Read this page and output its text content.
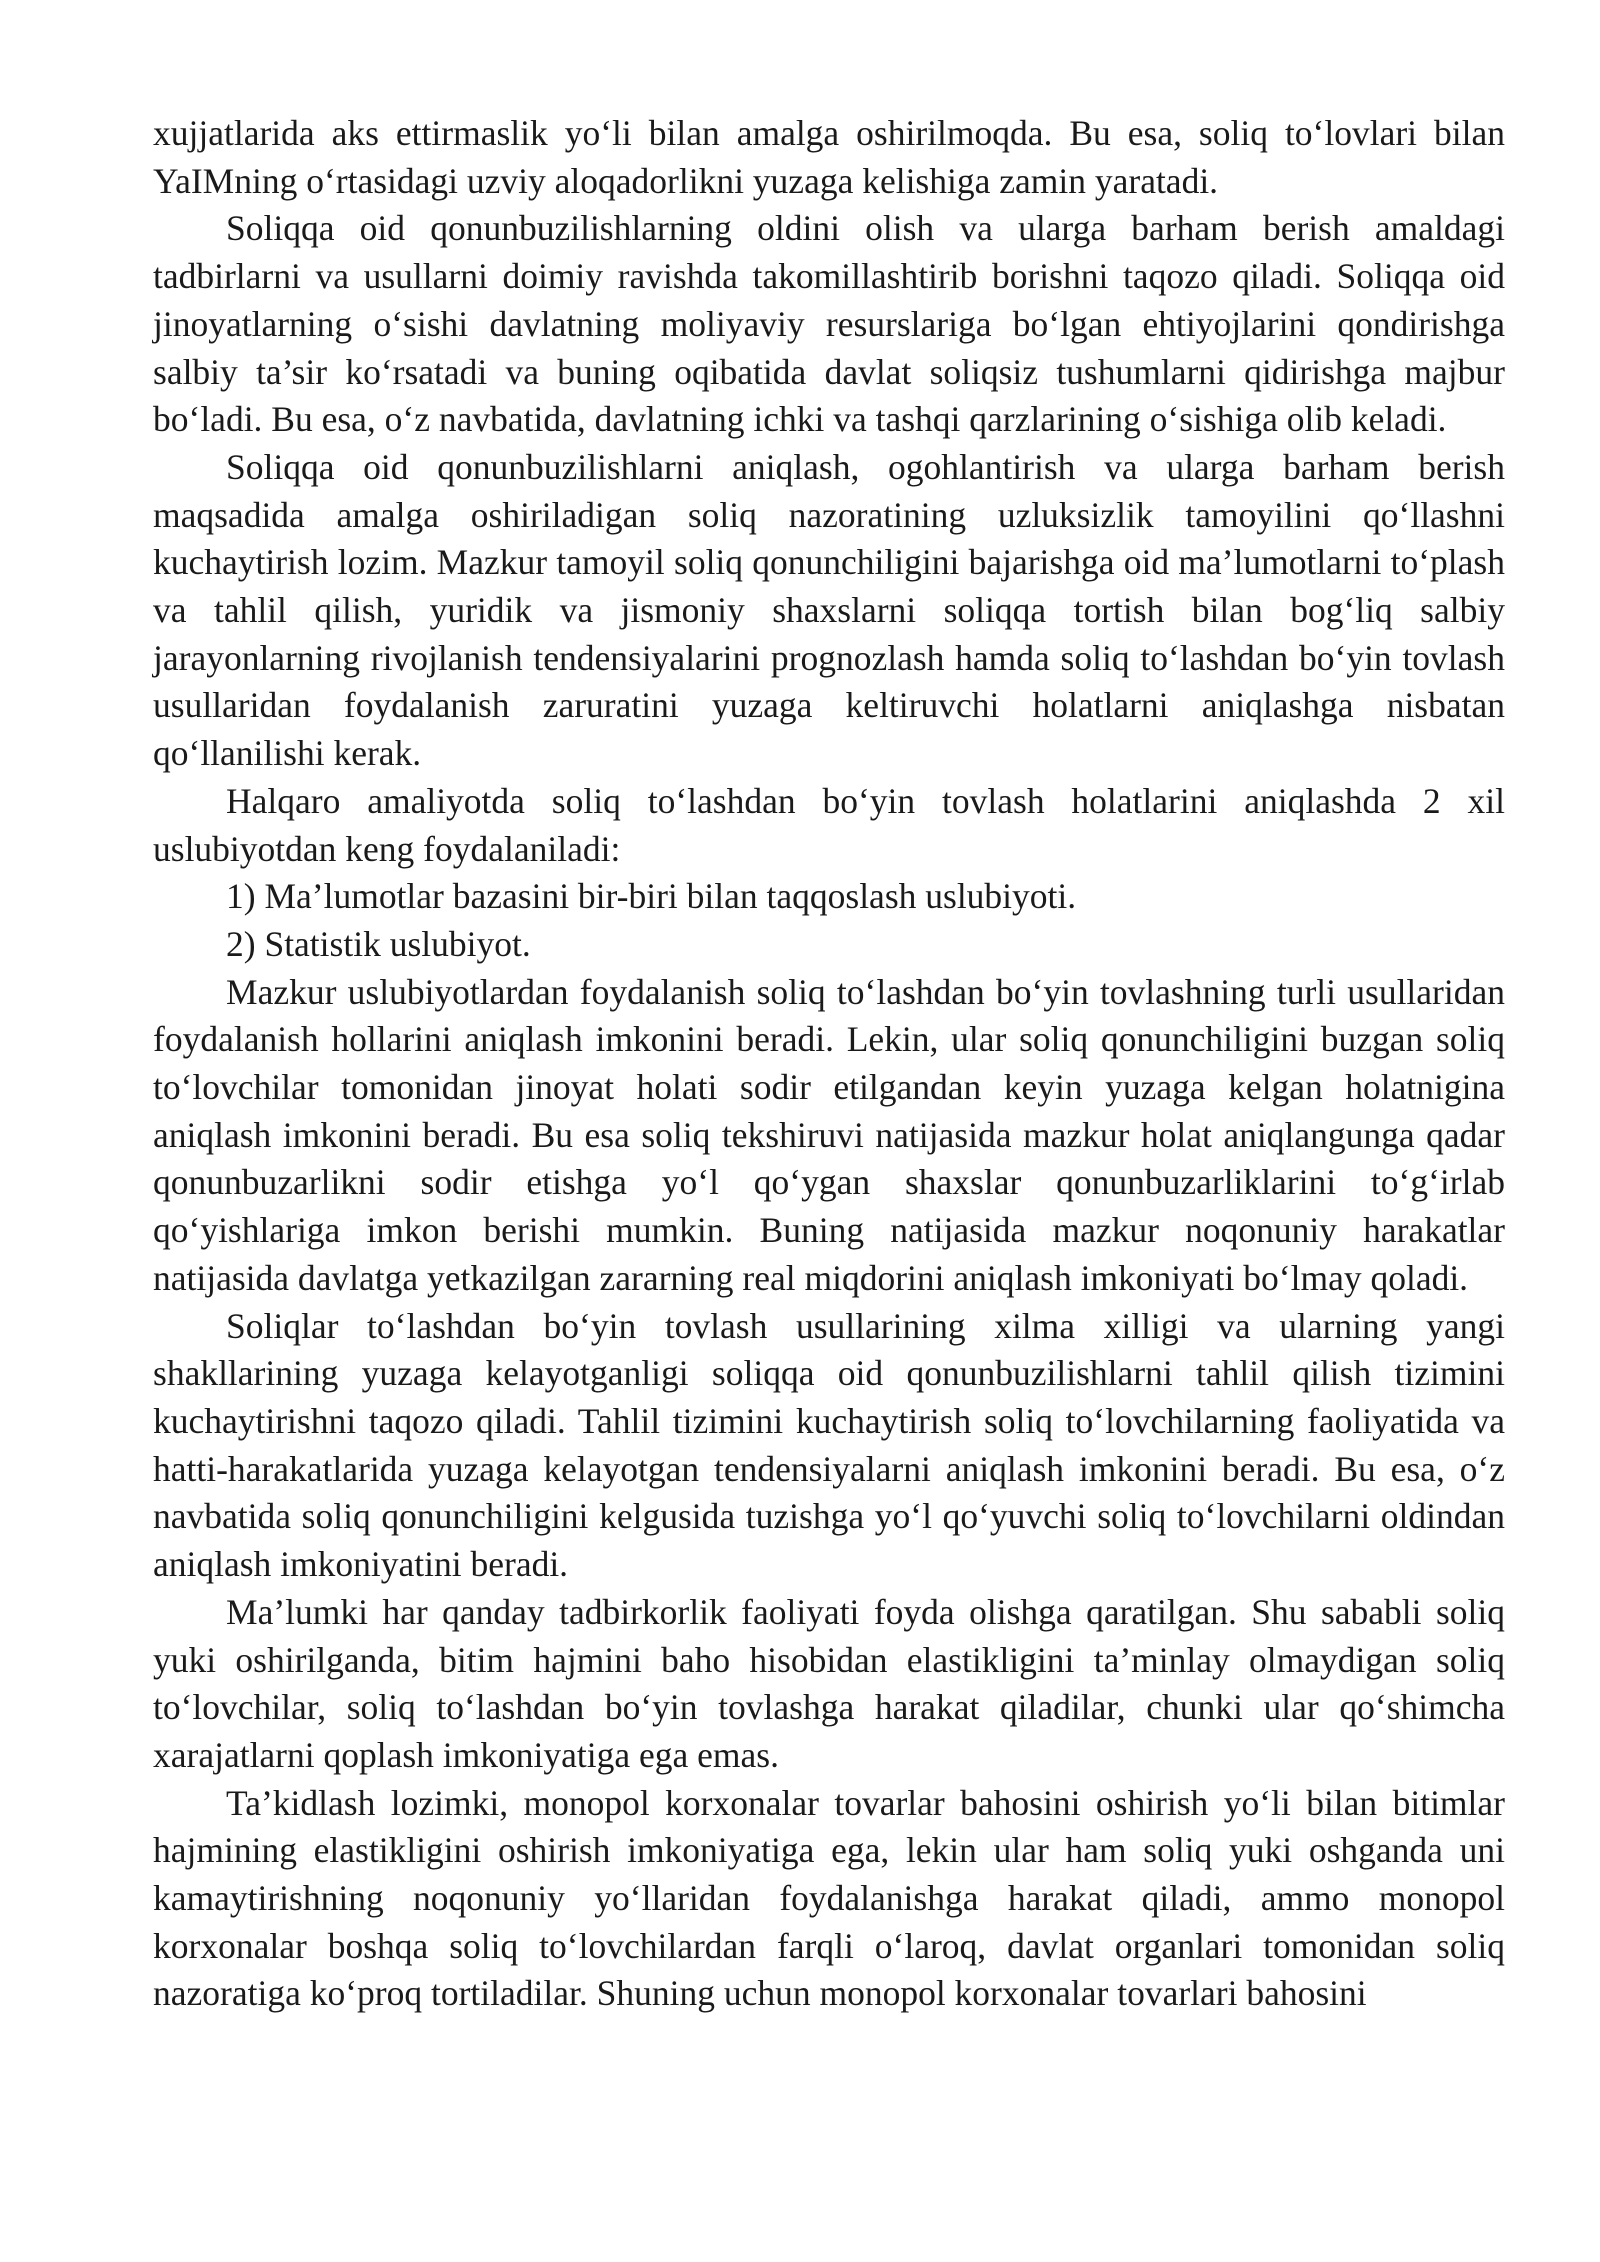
xujjatlarida aks ettirmaslik yo‘li bilan amalga oshirilmoqda. Bu esa, soliq to‘lovlari bilan YaIMning o‘rtasidagi uzviy aloqadorlikni yuzaga kelishiga zamin yaratadi.

Soliqqa oid qonunbuzilishlarning oldini olish va ularga barham berish amaldagi tadbirlarni va usullarni doimiy ravishda takomillashtirib borishni taqozo qiladi. Soliqqa oid jinoyatlarning o‘sishi davlatning moliyaviy resurslariga bo‘lgan ehtiyojlarini qondirishga salbiy ta’sir ko‘rsatadi va buning oqibatida davlat soliqsiz tushumlarni qidirishga majbur bo‘ladi. Bu esa, o‘z navbatida, davlatning ichki va tashqi qarzlarining o‘sishiga olib keladi.

Soliqqa oid qonunbuzilishlarni aniqlash, ogohlantirish va ularga barham berish maqsadida amalga oshiriladigan soliq nazoratining uzluksizlik tamoyilini qo‘llashni kuchaytirish lozim. Mazkur tamoyil soliq qonunchiligini bajarishga oid ma’lumotlarni to‘plash va tahlil qilish, yuridik va jismoniy shaxslarni soliqqa tortish bilan bog‘liq salbiy jarayonlarning rivojlanish tendensiyalarini prognozlash hamda soliq to‘lashdan bo‘yin tovlash usullaridan foydalanish zaruratini yuzaga keltiruvchi holatlarni aniqlashga nisbatan qo‘llanilishi kerak.

Halqaro amaliyotda soliq to‘lashdan bo‘yin tovlash holatlarini aniqlashda 2 xil uslubiyotdan keng foydalaniladi:

1) Ma’lumotlar bazasini bir-biri bilan taqqoslash uslubiyoti.

2) Statistik uslubiyot.

Mazkur uslubiyotlardan foydalanish soliq to‘lashdan bo‘yin tovlashning turli usullaridan foydalanish hollarini aniqlash imkonini beradi. Lekin, ular soliq qonunchiligini buzgan soliq to‘lovchilar tomonidan jinoyat holati sodir etilgandan keyin yuzaga kelgan holatnigina aniqlash imkonini beradi. Bu esa soliq tekshiruvi natijasida mazkur holat aniqlangunga qadar qonunbuzarlikni sodir etishga yo‘l qo‘ygan shaxslar qonunbuzarliklarini to‘g‘irlab qo‘yishlariga imkon berishi mumkin. Buning natijasida mazkur noqonuniy harakatlar natijasida davlatga yetkazilgan zararning real miqdorini aniqlash imkoniyati bo‘lmay qoladi.

Soliqlar to‘lashdan bo‘yin tovlash usullarining xilma xilligi va ularning yangi shakllarining yuzaga kelayotganligi soliqqa oid qonunbuzilishlarni tahlil qilish tizimini kuchaytirishni taqozo qiladi. Tahlil tizimini kuchaytirish soliq to‘lovchilarning faoliyatida va hatti-harakatlarida yuzaga kelayotgan tendensiyalarni aniqlash imkonini beradi. Bu esa, o‘z navbatida soliq qonunchiligini kelgusida tuzishga yo‘l qo‘yuvchi soliq to‘lovchilarni oldindan aniqlash imkoniyatini beradi.

Ma’lumki har qanday tadbirkorlik faoliyati foyda olishga qaratilgan. Shu sababli soliq yuki oshirilganda, bitim hajmini baho hisobidan elastikligini ta’minlay olmaydigan soliq to‘lovchilar, soliq to‘lashdan bo‘yin tovlashga harakat qiladilar, chunki ular qo‘shimcha xarajatlarni qoplash imkoniyatiga ega emas.

Ta’kidlash lozimki, monopol korxonalar tovarlar bahosini oshirish yo‘li bilan bitimlar hajmining elastikligini oshirish imkoniyatiga ega, lekin ular ham soliq yuki oshganda uni kamaytirishning noqonuniy yo‘llaridan foydalanishga harakat qiladi, ammo monopol korxonalar boshqa soliq to‘lovchilardan farqli o‘laroq, davlat organlari tomonidan soliq nazoratiga ko‘proq tortiladilar. Shuning uchun monopol korxonalar tovarlari bahosini
